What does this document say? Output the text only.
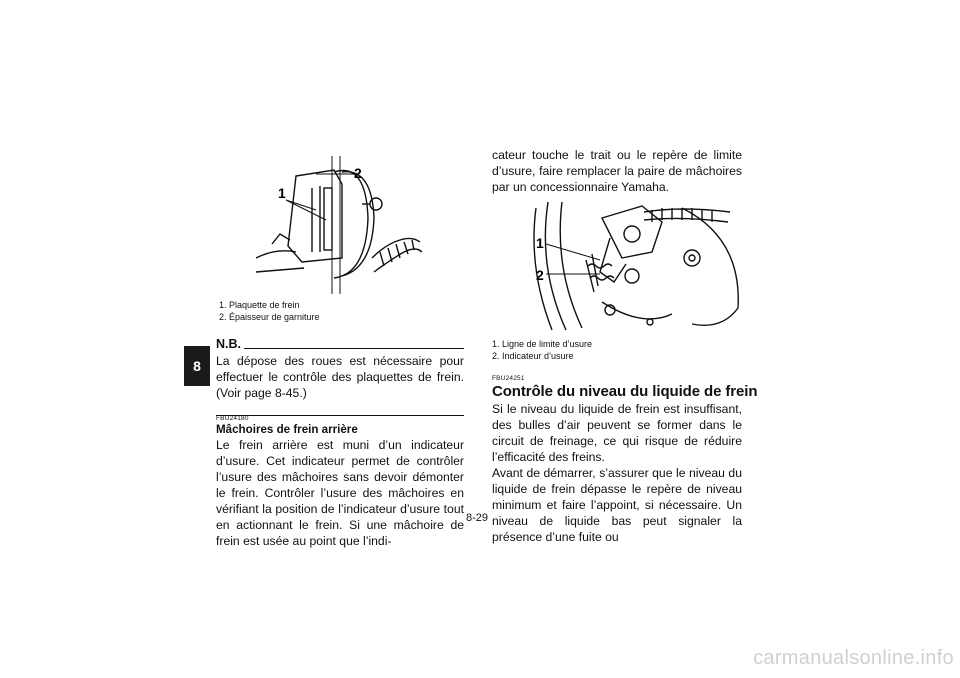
8
2
1
1. Plaquette de frein
2. Épaisseur de garniture
N.B.
La dépose des roues est nécessaire pour effectuer le contrôle des plaquettes de frein. (Voir page 8-45.)
FBU24180
Mâchoires de frein arrière
Le frein arrière est muni d’un indicateur d’usure. Cet indicateur permet de contrôler l’usure des mâchoires sans devoir démonter le frein. Contrôler l’usure des mâchoires en vérifiant la position de l’indicateur d’usure tout en actionnant le frein. Si une mâchoire de frein est usée au point que l’indi-
8-29
cateur touche le trait ou le repère de limite d’usure, faire remplacer la paire de mâchoires par un concessionnaire Yamaha.
1
2
1. Ligne de limite d’usure
2. Indicateur d’usure
FBU24251
Contrôle du niveau du liquide de frein
Si le niveau du liquide de frein est insuffisant, des bulles d’air peuvent se former dans le circuit de freinage, ce qui risque de réduire l’efficacité des freins.
Avant de démarrer, s’assurer que le niveau du liquide de frein dépasse le repère de niveau minimum et faire l’appoint, si nécessaire. Un niveau de liquide bas peut signaler la présence d’une fuite ou
carmanualsonline.info
